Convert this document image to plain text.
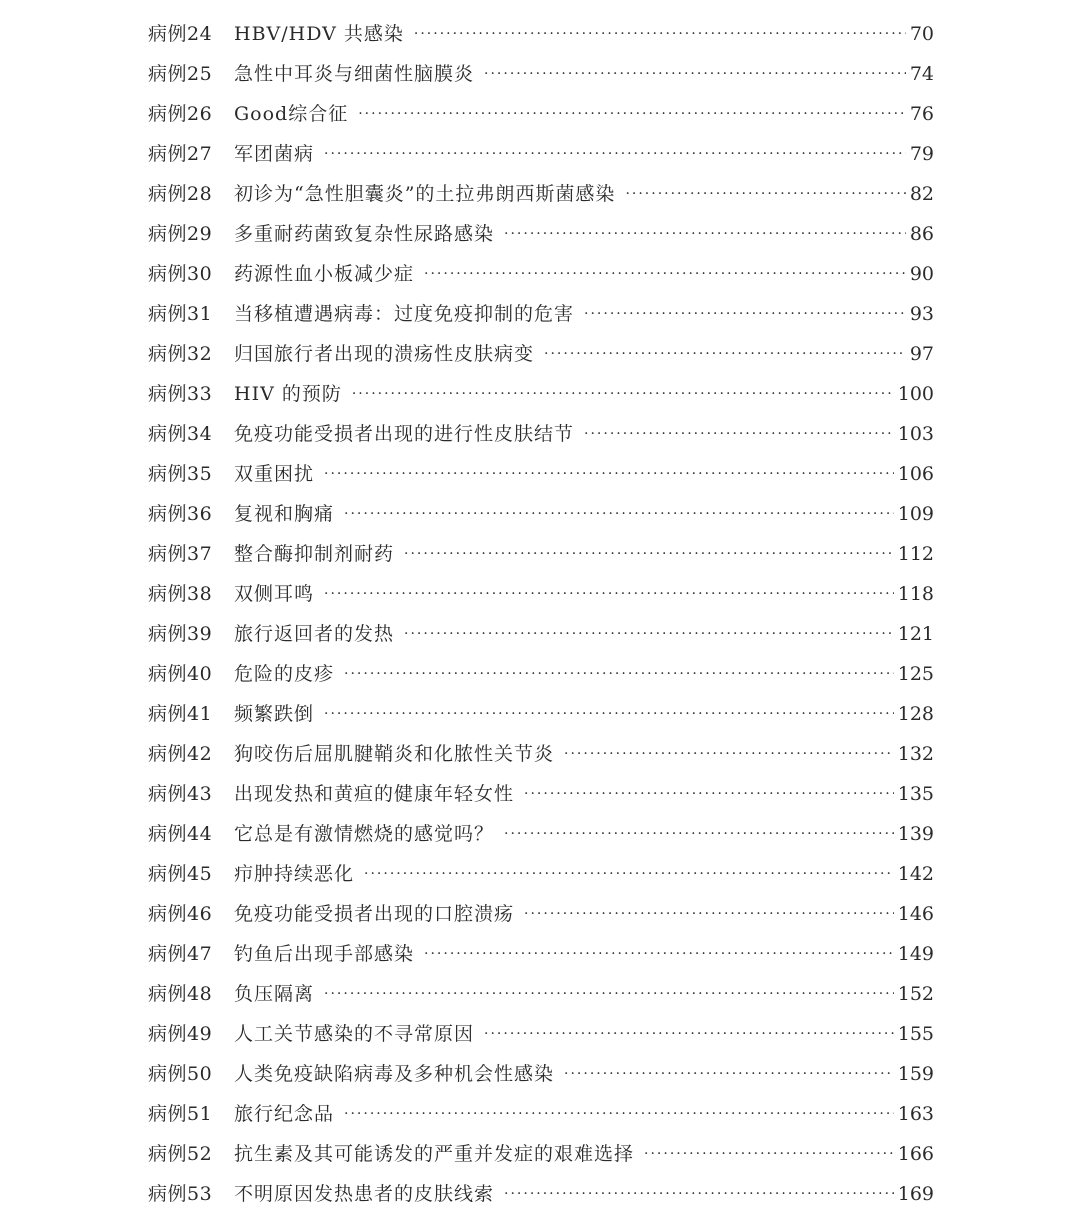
病例24	HBV/HDV 共感染 ·····	70
病例25	急性中耳炎与细菌性脑膜炎 ·····	74
病例26	Good综合征 ·····	76
病例27	军团菌病 ·····	79
病例28	初诊为“急性胆囊炎”的土拉弗朗西斯菌感染 ·····	82
病例29	多重耐药菌致复杂性尿路感染 ·····	86
病例30	药源性血小板减少症 ·····	90
病例31	当移植遭遇病毒：过度免疫抑制的危害 ·····	93
病例32	归国旅行者出现的溃疡性皮肤病变 ·····	97
病例33	HIV 的预防 ·····	100
病例34	免疫功能受损者出现的进行性皮肤结节 ·····	103
病例35	双重困扰 ·····	106
病例36	复视和胸痛 ·····	109
病例37	整合酶抑制剂耐药 ·····	112
病例38	双侧耳鸣 ·····	118
病例39	旅行返回者的发热 ·····	121
病例40	危险的皮疹 ·····	125
病例41	频繁跌倒 ·····	128
病例42	狗咬伤后屈肌腱鞘炎和化脓性关节炎 ·····	132
病例43	出现发热和黄疸的健康年轻女性 ·····	135
病例44	它总是有激情燃烧的感觉吗？ ·····	139
病例45	疖肿持续恶化 ·····	142
病例46	免疫功能受损者出现的口腔溃疡 ·····	146
病例47	钓鱼后出现手部感染 ·····	149
病例48	负压隔离 ·····	152
病例49	人工关节感染的不寻常原因 ·····	155
病例50	人类免疫缺陷病毒及多种机会性感染 ·····	159
病例51	旅行纪念品 ·····	163
病例52	抗生素及其可能诱发的严重并发症的艰难选择 ·····	166
病例53	不明原因发热患者的皮肤线索 ·····	169
